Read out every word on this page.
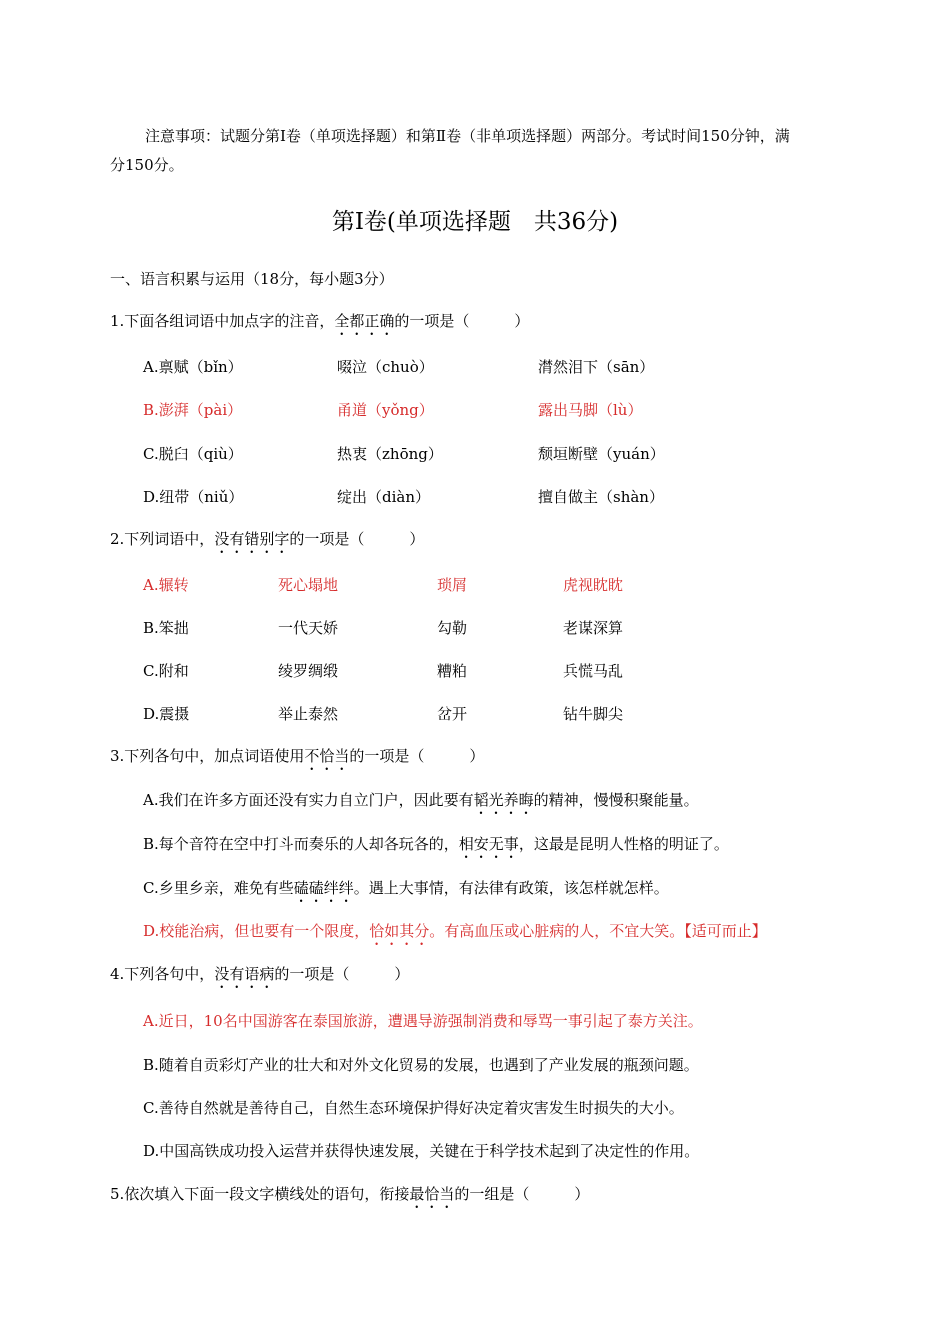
注意事项：试题分第Ⅰ卷（单项选择题）和第Ⅱ卷（非单项选择题）两部分。考试时间150分钟，满
分150分。
第Ⅰ卷(单项选择题　共36分)
一、语言积累与运用（18分，每小题3分）
1.下面各组词语中加点字的注音，全都正确的一项是（　　　）
A.禀赋（bǐn）	啜泣（chuò）	潸然泪下（sān）
B.澎湃（pài）	甬道（yǒng）	露出马脚（lù）
C.脱臼（qiù）	热衷（zhōng）	颓垣断壁（yuán）
D.纽带（niǔ）	绽出（diàn）	擅自做主（shàn）
2.下列词语中，没有错别字的一项是（　　　）
A.辗转	死心塌地	琐屑	虎视眈眈
B.笨拙	一代天娇	勾勒	老谋深算
C.附和	绫罗绸缎	糟粕	兵慌马乱
D.震摄	举止泰然	岔开	钻牛脚尖
3.下列各句中，加点词语使用不恰当的一项是（　　　）
A.我们在许多方面还没有实力自立门户，因此要有韬光养晦的精神，慢慢积聚能量。
B.每个音符在空中打斗而奏乐的人却各玩各的，相安无事，这最是昆明人性格的明证了。
C.乡里乡亲，难免有些磕磕绊绊。遇上大事情，有法律有政策，该怎样就怎样。
D.校能治病，但也要有一个限度，恰如其分。有高血压或心脏病的人，不宜大笑。【适可而止】
4.下列各句中，没有语病的一项是（　　　）
A.近日，10名中国游客在泰国旅游，遭遇导游强制消费和辱骂一事引起了泰方关注。
B.随着自贡彩灯产业的壮大和对外文化贸易的发展，也遇到了产业发展的瓶颈问题。
C.善待自然就是善待自己，自然生态环境保护得好决定着灾害发生时损失的大小。
D.中国高铁成功投入运营并获得快速发展，关键在于科学技术起到了决定性的作用。
5.依次填入下面一段文字横线处的语句，衔接最恰当的一组是（　　　）
